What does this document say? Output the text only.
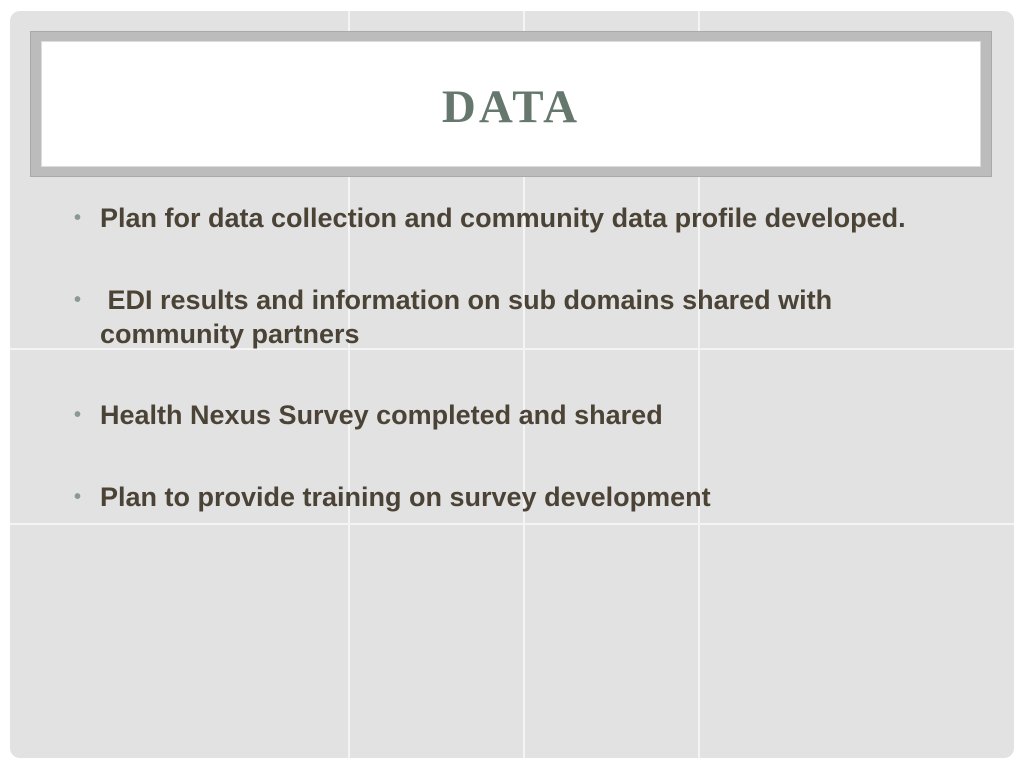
DATA
• Plan for data collection and community data profile developed.
• EDI results and information on sub domains shared with community partners
• Health Nexus Survey completed and shared
• Plan to provide training on survey development
